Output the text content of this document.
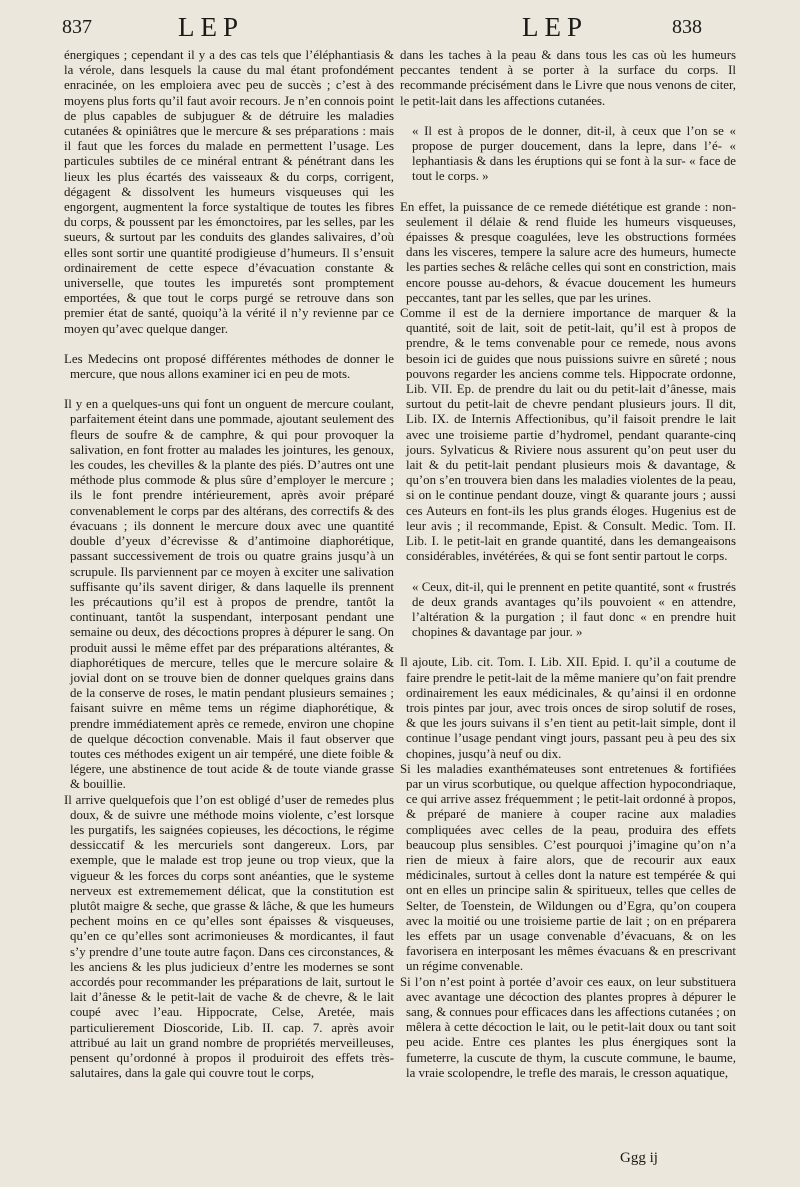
837	LEP	LEP	838

énergiques ; cependant il y a des cas tels que l’éléphantiasis & la vérole, dans lesquels la cause du mal étant profondément enracinée, on les emploiera avec peu de succès ; c’est à des moyens plus forts qu’il faut avoir recours. Je n’en connois point de plus capables de subjuguer & de détruire les maladies cutanées & opiniâtres que le mercure & ses préparations : mais il faut que les forces du malade en permettent l’usage. Les particules subtiles de ce minéral entrant & pénétrant dans les lieux les plus écartés des vaisseaux & du corps, corrigent, dégagent & dissolvent les humeurs visqueuses qui les engorgent, augmentent la force systaltique de toutes les fibres du corps, & poussent par les émonctoires, par les selles, par les sueurs, & surtout par les conduits des glandes salivaires, d’où elles sont sortir une quantité prodigieuse d’humeurs. Il s’ensuit ordinairement de cette espece d’évacuation constante & universelle, que toutes les impuretés sont promptement emportées, & que tout le corps purgé se retrouve dans son premier état de santé, quoiqu’à la vérité il n’y revienne par ce moyen qu’avec quelque danger.

Les Medecins ont proposé différentes méthodes de donner le mercure, que nous allons examiner ici en peu de mots.

Il y en a quelques-uns qui font un onguent de mercure coulant, parfaitement éteint dans une pommade, ajoutant seulement des fleurs de soufre & de camphre, & qui pour provoquer la salivation, en font frotter au malades les jointures, les genoux, les coudes, les chevilles & la plante des piés. D’autres ont une méthode plus commode & plus sûre d’employer le mercure ; ils le font prendre intérieurement, après avoir préparé convenablement le corps par des altérans, des correctifs & des évacuans ; ils donnent le mercure doux avec une quantité double d’yeux d’écrevisse & d’antimoine diaphorétique, passant successivement de trois ou quatre grains jusqu’à un scrupule. Ils parviennent par ce moyen à exciter une salivation suffisante qu’ils savent diriger, & dans laquelle ils prennent les précautions qu’il est à propos de prendre, tantôt la continuant, tantôt la suspendant, interposant pendant une semaine ou deux, des décoctions propres à dépurer le sang. On produit aussi le même effet par des préparations altérantes, & diaphorétiques de mercure, telles que le mercure solaire & jovial dont on se trouve bien de donner quelques grains dans de la conserve de roses, le matin pendant plusieurs semaines ; faisant suivre en même tems un régime diaphorétique, & prendre immédiatement après ce remede, environ une chopine de quelque décoction convenable. Mais il faut observer que toutes ces méthodes exigent un air tempéré, une diete foible & légere, une abstinence de tout acide & de toute viande grasse & bouillie.

Il arrive quelquefois que l’on est obligé d’user de remedes plus doux, & de suivre une méthode moins violente, c’est lorsque les purgatifs, les saignées copieuses, les décoctions, le régime dessiccatif & les mercuriels sont dangereux. Lors, par exemple, que le malade est trop jeune ou trop vieux, que la vigueur & les forces du corps sont anéanties, que le systeme nerveux est extrememement délicat, que la constitution est plutôt maigre & seche, que grasse & lâche, & que les humeurs pechent moins en ce qu’elles sont épaisses & visqueuses, qu’en ce qu’elles sont acrimonieuses & mordicantes, il faut s’y prendre d’une toute autre façon. Dans ces circonstances, & les anciens & les plus judicieux d’entre les modernes se sont accordés pour recommander les préparations de lait, surtout le lait d’ânesse & le petit-lait de vache & de chevre, & le lait coupé avec l’eau. Hippocrate, Celse, Aretée, mais particulierement Dioscoride, Lib. II. cap. 7. après avoir attribué au lait un grand nombre de propriétés merveilleuses, pensent qu’ordonné à propos il produiroit des effets très-salutaires, dans la gale qui couvre tout le corps,

dans les taches à la peau & dans tous les cas où les humeurs peccantes tendent à se porter à la surface du corps. Il recommande précisément dans le Livre que nous venons de citer, le petit-lait dans les affections cutanées.

« Il est à propos de le donner, dit-il, à ceux que l’on se « propose de purger doucement, dans la lepre, dans l’é- « lephantiasis & dans les éruptions qui se font à la sur- « face de tout le corps. »

En effet, la puissance de ce remede diététique est grande : non-seulement il délaie & rend fluide les humeurs visqueuses, épaisses & presque coagulées, leve les obstructions formées dans les visceres, tempere la salure acre des humeurs, humecte les parties seches & relâche celles qui sont en constriction, mais encore pousse au-dehors, & évacue doucement les humeurs peccantes, tant par les selles, que par les urines.

Comme il est de la derniere importance de marquer & la quantité, soit de lait, soit de petit-lait, qu’il est à propos de prendre, & le tems convenable pour ce remede, nous avons besoin ici de guides que nous puissions suivre en sûreté ; nous pouvons regarder les anciens comme tels. Hippocrate ordonne, Lib. VII. Ep. de prendre du lait ou du petit-lait d’ânesse, mais surtout du petit-lait de chevre pendant plusieurs jours. Il dit, Lib. IX. de Internis Affectionibus, qu’il faisoit prendre le lait avec une troisieme partie d’hydromel, pendant quarante-cinq jours. Sylvaticus & Riviere nous assurent qu’on peut user du lait & du petit-lait pendant plusieurs mois & davantage, & qu’on s’en trouvera bien dans les maladies violentes de la peau, si on le continue pendant douze, vingt & quarante jours ; aussi ces Auteurs en font-ils les plus grands éloges. Hugenius est de leur avis ; il recommande, Epist. & Consult. Medic. Tom. II. Lib. I. le petit-lait en grande quantité, dans les demangeaisons considérables, invétérées, & qui se font sentir partout le corps.

« Ceux, dit-il, qui le prennent en petite quantité, sont « frustrés de deux grands avantages qu’ils pouvoient « en attendre, l’altération & la purgation ; il faut donc « en prendre huit chopines & davantage par jour. »

Il ajoute, Lib. cit. Tom. I. Lib. XII. Epid. I. qu’il a coutume de faire prendre le petit-lait de la même maniere qu’on fait prendre ordinairement les eaux médicinales, & qu’ainsi il en ordonne trois pintes par jour, avec trois onces de sirop solutif de roses, & que les jours suivans il s’en tient au petit-lait simple, dont il continue l’usage pendant vingt jours, passant peu à peu des six chopines, jusqu’à neuf ou dix.

Si les maladies exanthémateuses sont entretenues & fortifiées par un virus scorbutique, ou quelque affection hypocondriaque, ce qui arrive assez fréquemment ; le petit-lait ordonné à propos, & préparé de maniere à couper racine aux maladies compliquées avec celles de la peau, produira des effets beaucoup plus sensibles. C’est pourquoi j’imagine qu’on n’a rien de mieux à faire alors, que de recourir aux eaux médicinales, surtout à celles dont la nature est tempérée & qui ont en elles un principe salin & spiritueux, telles que celles de Selter, de Toenstein, de Wildungen ou d’Egra, qu’on coupera avec la moitié ou une troisieme partie de lait ; on en préparera les effets par un usage convenable d’évacuans, & on les favorisera en interposant les mêmes évacuans & en prescrivant un régime convenable.

Si l’on n’est point à portée d’avoir ces eaux, on leur substituera avec avantage une décoction des plantes propres à dépurer le sang, & connues pour efficaces dans les affections cutanées ; on mêlera à cette décoction le lait, ou le petit-lait doux ou tant soit peu acide. Entre ces plantes les plus énergiques sont la fumeterre, la cuscute de thym, la cuscute commune, le baume, la vraie scolopendre, le trefle des marais, le cresson aquatique,

Ggg ij
